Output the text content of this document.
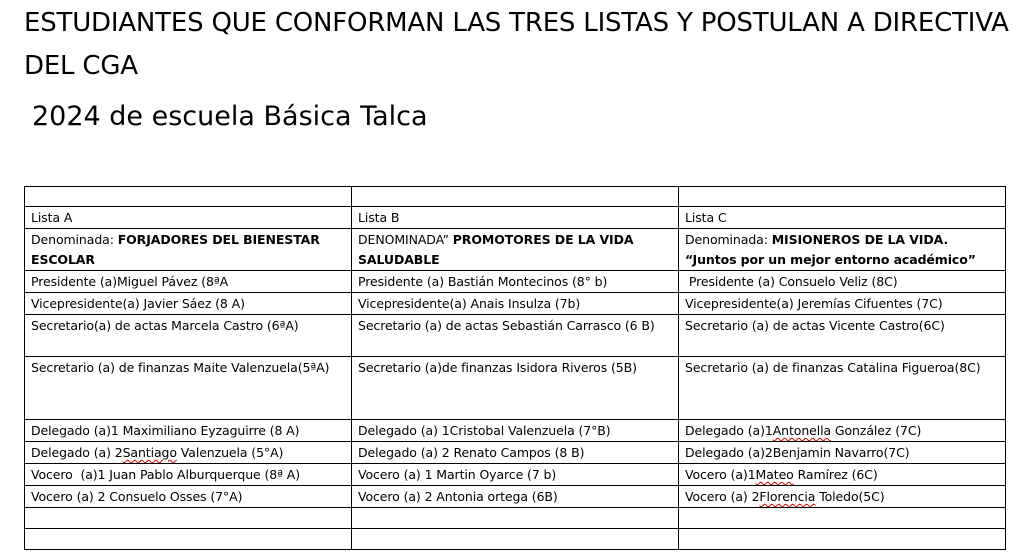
ESTUDIANTES QUE CONFORMAN LAS TRES LISTAS Y POSTULAN A DIRECTIVA DEL CGA
2024 de escuela Básica Talca

Lista A	Lista B	Lista C
Denominada: FORJADORES DEL BIENESTAR ESCOLAR	DENOMINADA” PROMOTORES DE LA VIDA SALUDABLE	Denominada: MISIONEROS DE LA VIDA. “Juntos por un mejor entorno académico”
Presidente (a)Miguel Pávez (8ªA	Presidente (a) Bastián Montecinos (8° b)	Presidente (a) Consuelo Veliz (8C)
Vicepresidente(a) Javier Sáez (8 A)	Vicepresidente(a) Anais Insulza (7b)	Vicepresidente(a) Jeremías Cifuentes (7C)
Secretario(a) de actas Marcela Castro (6ªA)	Secretario (a) de actas Sebastián Carrasco (6 B)	Secretario (a) de actas Vicente Castro(6C)
Secretario (a) de finanzas Maite Valenzuela(5ªA)	Secretario (a)de finanzas Isidora Riveros (5B)	Secretario (a) de finanzas Catalina Figueroa(8C)
Delegado (a)1 Maximiliano Eyzaguirre (8 A)	Delegado (a) 1Cristobal Valenzuela (7°B)	Delegado (a)1Antonella González (7C)
Delegado (a) 2Santiago Valenzuela (5°A)	Delegado (a) 2 Renato Campos (8 B)	Delegado (a)2Benjamin Navarro(7C)
Vocero  (a)1 Juan Pablo Alburquerque (8ª A)	Vocero (a) 1 Martin Oyarce (7 b)	Vocero (a)1Mateo Ramírez (6C)
Vocero (a) 2 Consuelo Osses (7°A)	Vocero (a) 2 Antonia ortega (6B)	Vocero (a) 2Florencia Toledo(5C)
